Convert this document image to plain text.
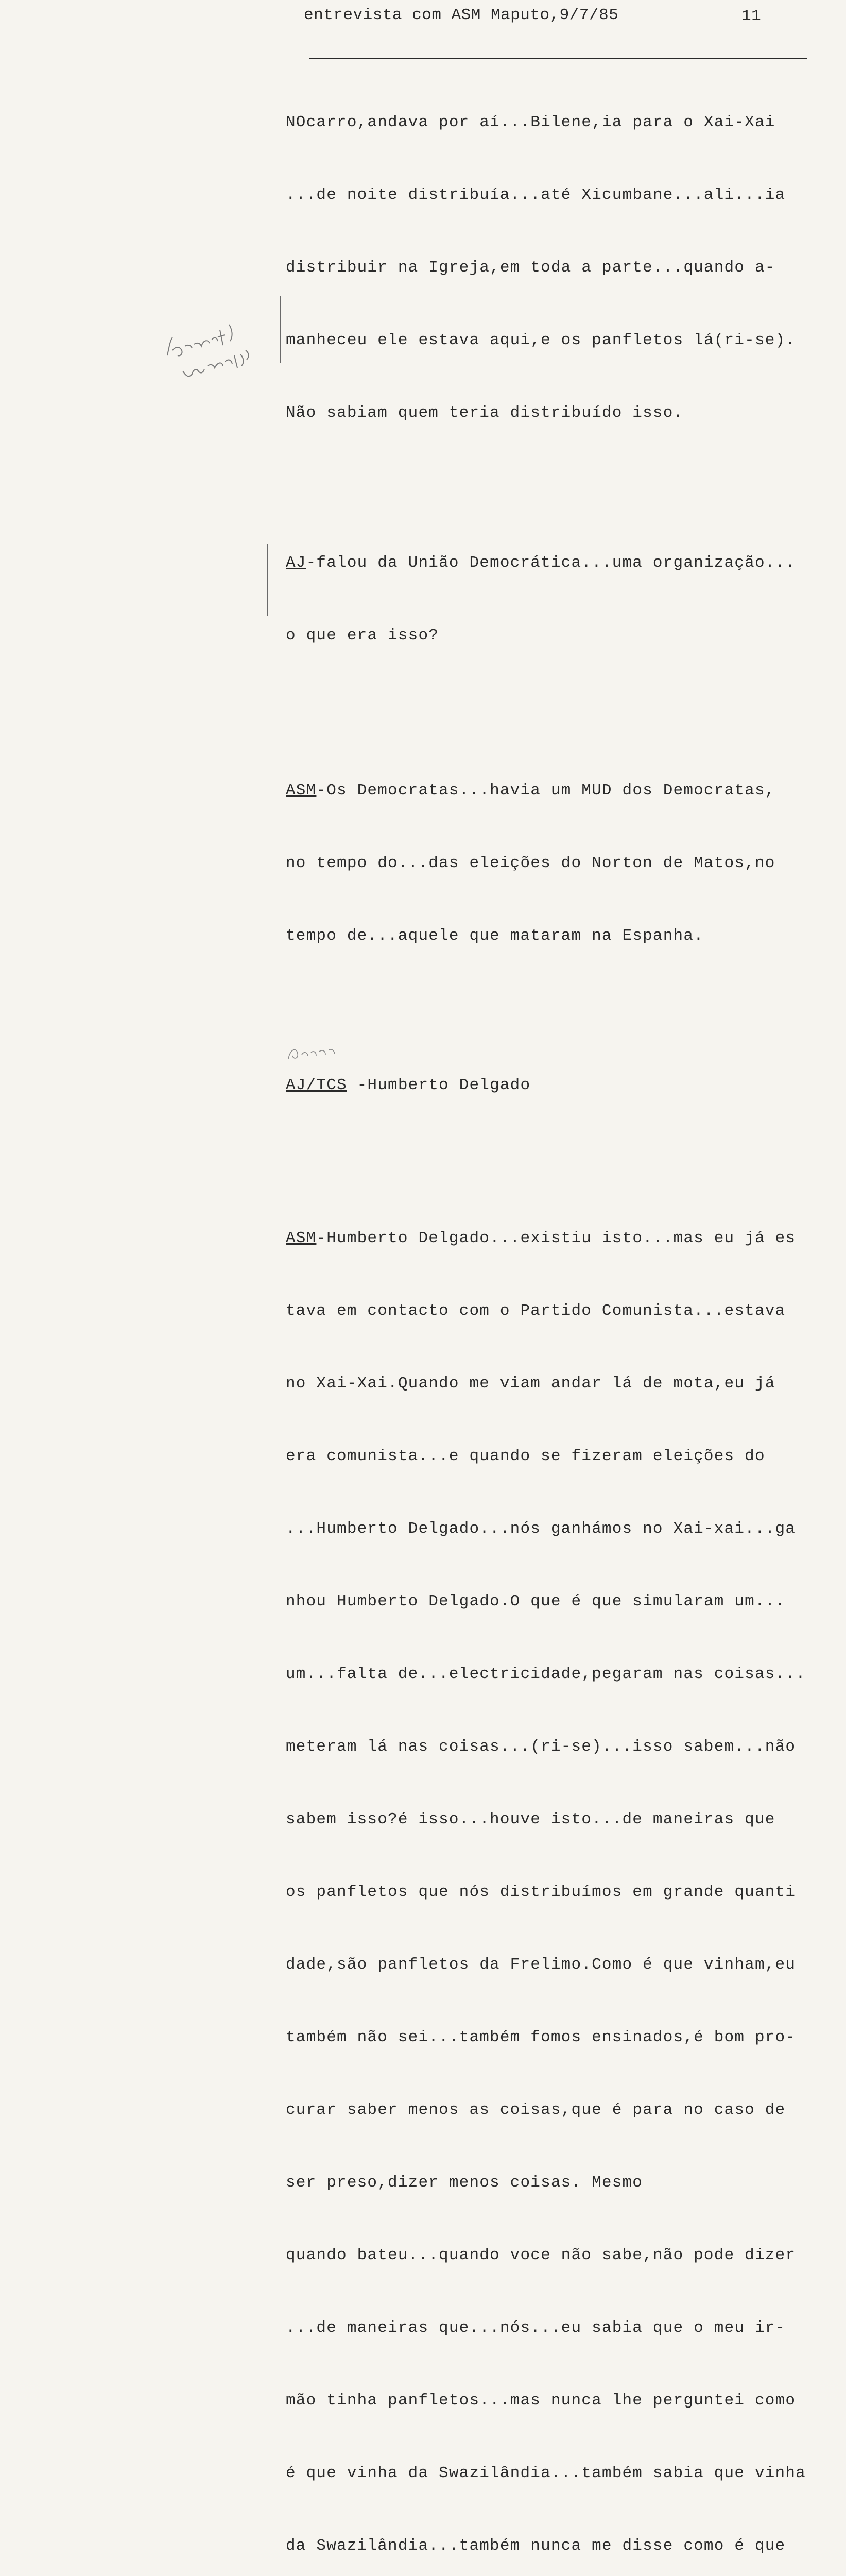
entrevista com ASM Maputo,9/7/85	11

NOcarro,andava por aí...Bilene,ia para o Xai-Xai

...de noite distribuía...até Xicumbane...ali...ia

distribuir na Igreja,em toda a parte...quando a-

manheceu ele estava aqui,e os panfletos lá(ri-se).

Não sabiam quem teria distribuído isso.

AJ-falou da União Democrática...uma organização...

o que era isso?

ASM-Os Democratas...havia um MUD dos Democratas,

no tempo do...das eleições do Norton de Matos,no

tempo de...aquele que mataram na Espanha.

AJ/TCS -Humberto Delgado

ASM-Humberto Delgado...existiu isto...mas eu já es

tava em contacto com o Partido Comunista...estava

no Xai-Xai.Quando me viam andar lá de mota,eu já

era comunista...e quando se fizeram eleições do

...Humberto Delgado...nós ganhámos no Xai-xai...ga

nhou Humberto Delgado.O que é que simularam um...

um...falta de...electricidade,pegaram nas coisas...

meteram lá nas coisas...(ri-se)...isso sabem...não

sabem isso?é isso...houve isto...de maneiras que

os panfletos que nós distribuímos em grande quanti

dade,são panfletos da Frelimo.Como é que vinham,eu

também não sei...também fomos ensinados,é bom pro-

curar saber menos as coisas,que é para no caso de

ser preso,dizer menos coisas. Mesmo

quando bateu...quando voce não sabe,não pode dizer

...de maneiras que...nós...eu sabia que o meu ir-

mão tinha panfletos...mas nunca lhe perguntei como

é que vinha da Swazilândia...também sabia que vinha

da Swazilândia...também nunca me disse como é que
